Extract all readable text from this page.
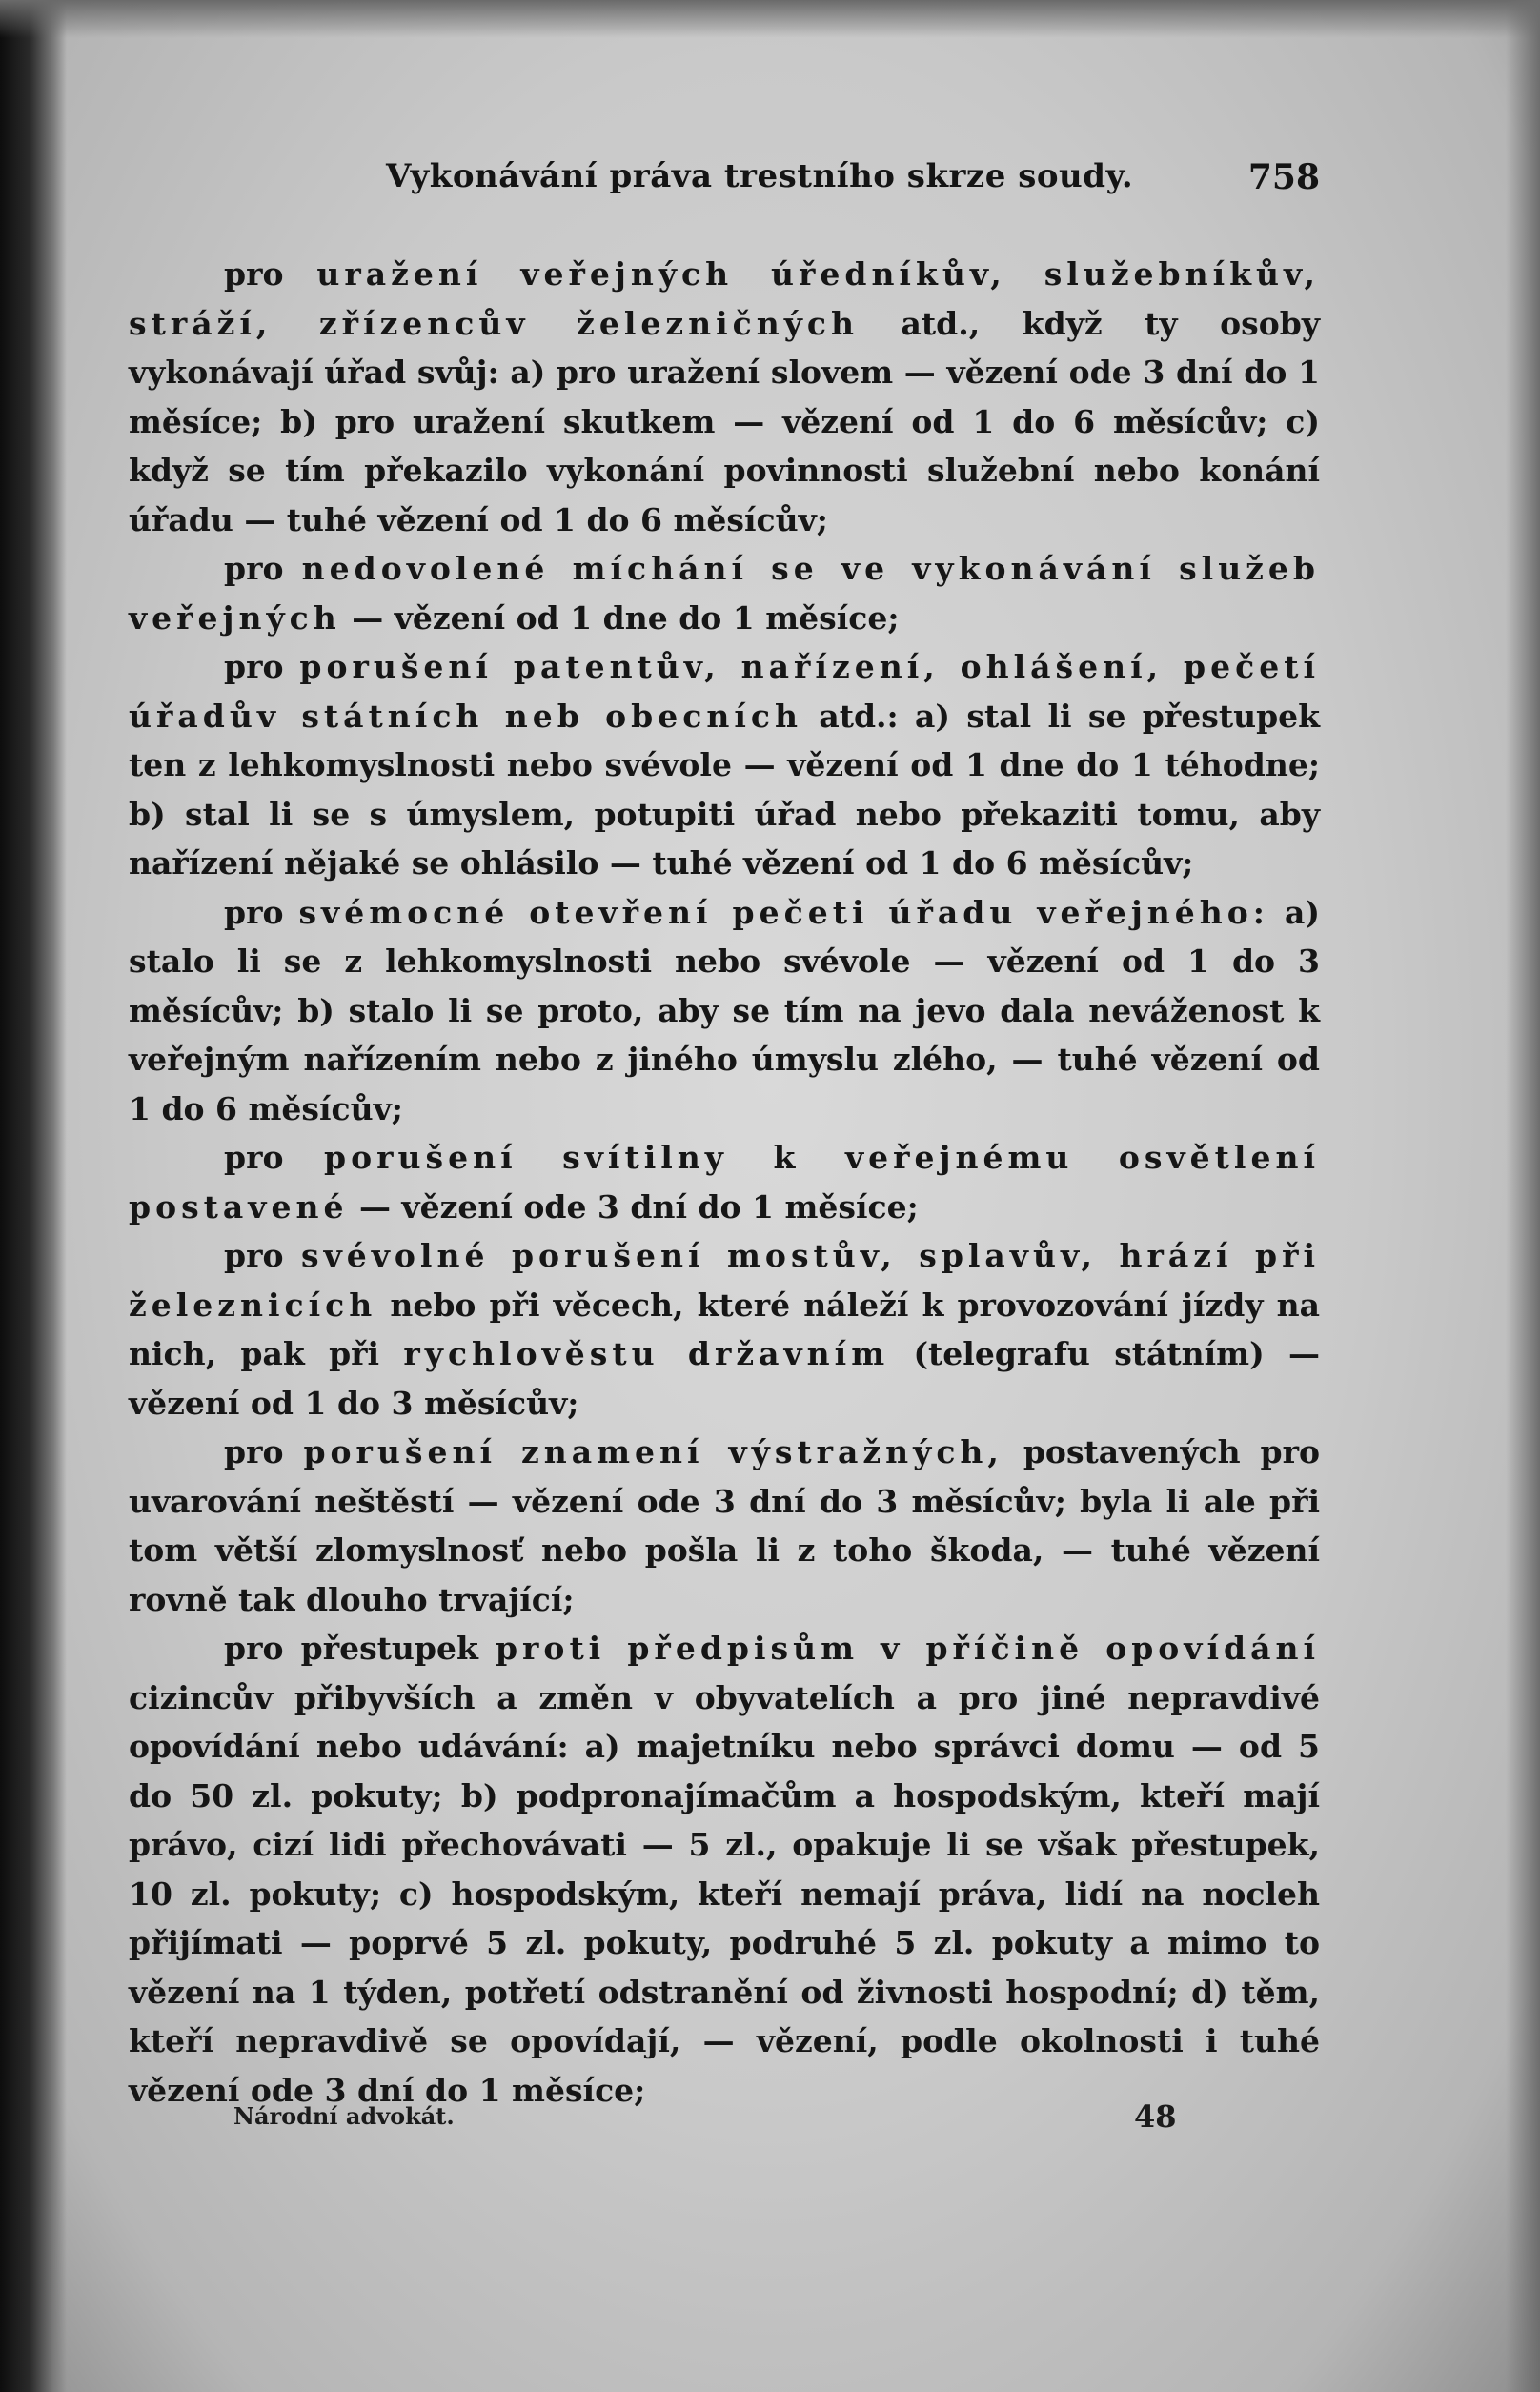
Vykonávání práva trestního skrze soudy.	758

pro uražení veřejných úředníkův, služebníkův, stráží, zřízencův železničných atd., když ty osoby vykonávají úřad svůj: a) pro uražení slovem — vězení ode 3 dní do 1 měsíce; b) pro uražení skutkem — vězení od 1 do 6 měsícův; c) když se tím překazilo vykonání povinnosti služební nebo konání úřadu — tuhé vězení od 1 do 6 měsícův;

pro nedovolené míchání se ve vykonávání služeb veřejných — vězení od 1 dne do 1 měsíce;

pro porušení patentův, nařízení, ohlášení, pečetí úřadův státních neb obecních atd.: a) stal li se přestupek ten z lehkomyslnosti nebo svévole — vězení od 1 dne do 1 téhodne; b) stal li se s úmyslem, potupiti úřad nebo překaziti tomu, aby nařízení nějaké se ohlásilo — tuhé vězení od 1 do 6 měsícův;

pro svémocné otevření pečeti úřadu veřejného: a) stalo li se z lehkomyslnosti nebo svévole — vězení od 1 do 3 měsícův; b) stalo li se proto, aby se tím na jevo dala neváženost k veřejným nařízením nebo z jiného úmyslu zlého, — tuhé vězení od 1 do 6 měsícův;

pro porušení svítilny k veřejnému osvětlení postavené — vězení ode 3 dní do 1 měsíce;

pro svévolné porušení mostův, splavův, hrází při železnicích nebo při věcech, které náleží k provozování jízdy na nich, pak při rychlověstu državním (telegrafu státním) — vězení od 1 do 3 měsícův;

pro porušení znamení výstražných, postavených pro uvarování neštěstí — vězení ode 3 dní do 3 měsícův; byla li ale při tom větší zlomyslnosť nebo pošla li z toho škoda, — tuhé vězení rovně tak dlouho trvající;

pro přestupek proti předpisům v příčině opovídání cizincův přibyvších a změn v obyvatelích a pro jiné nepravdivé opovídání nebo udávání: a) majetníku nebo správci domu — od 5 do 50 zl. pokuty; b) podpronajímačům a hospodským, kteří mají právo, cizí lidi přechovávati — 5 zl., opakuje li se však přestupek, 10 zl. pokuty; c) hospodským, kteří nemají práva, lidí na nocleh přijímati — poprvé 5 zl. pokuty, podruhé 5 zl. pokuty a mimo to vězení na 1 týden, potřetí odstranění od živnosti hospodní; d) těm, kteří nepravdivě se opovídají, — vězení, podle okolnosti i tuhé vězení ode 3 dní do 1 měsíce;

Národní advokát.	48
